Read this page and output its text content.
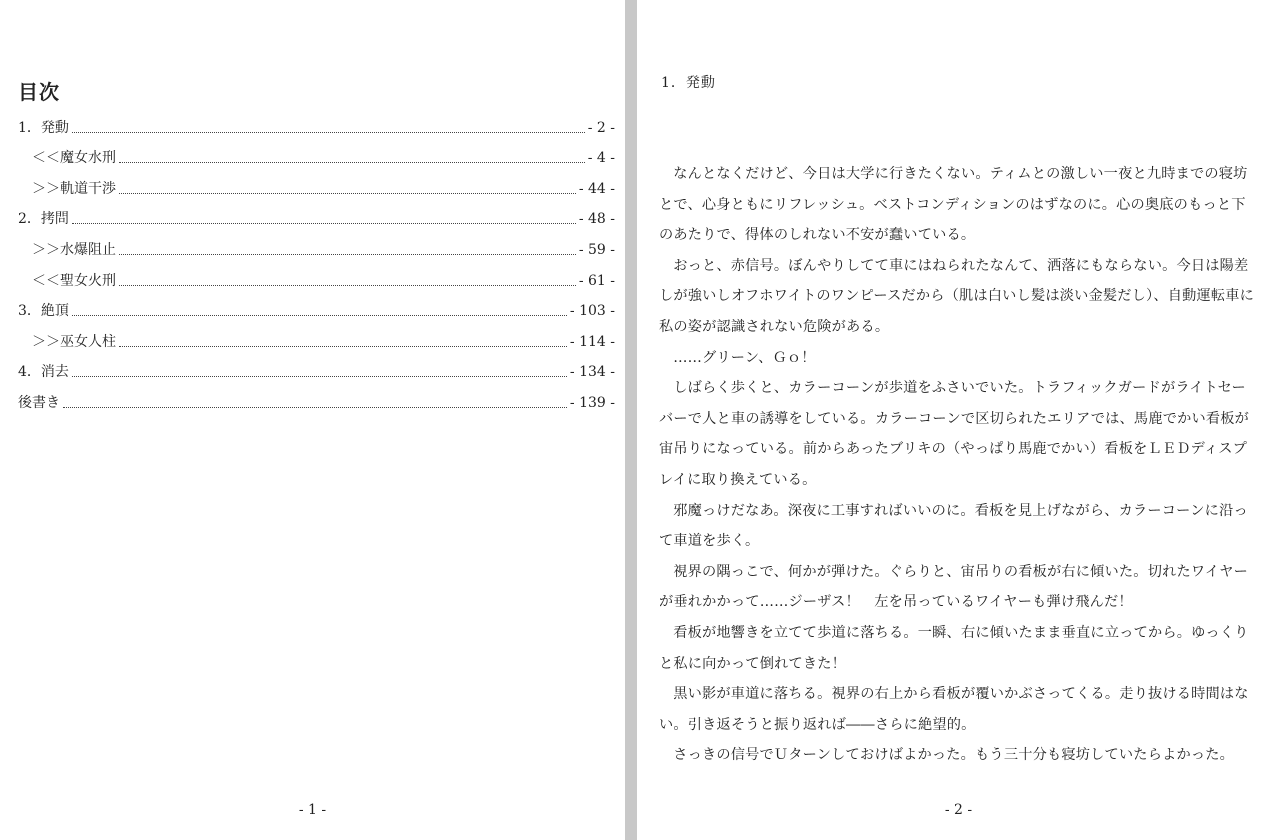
目次
1．発動	- 2 -
＜＜魔女水刑	- 4 -
＞＞軌道干渉	- 44 -
2．拷問	- 48 -
＞＞水爆阻止	- 59 -
＜＜聖女火刑	- 61 -
3．絶頂	- 103 -
＞＞巫女人柱	- 114 -
4．消去	- 134 -
後書き	- 139 -
- 1 -
1．発動

なんとなくだけど、今日は大学に行きたくない。ティムとの激しい一夜と九時までの寝坊とで、心身ともにリフレッシュ。ベストコンディションのはずなのに。心の奥底のもっと下のあたりで、得体のしれない不安が蠢いている。

おっと、赤信号。ぼんやりしてて車にはねられたなんて、洒落にもならない。今日は陽差しが強いしオフホワイトのワンピースだから（肌は白いし髪は淡い金髪だし）、自動運転車に私の姿が認識されない危険がある。

……グリーン、Ｇｏ！

しばらく歩くと、カラーコーンが歩道をふさいでいた。トラフィックガードがライトセーバーで人と車の誘導をしている。カラーコーンで区切られたエリアでは、馬鹿でかい看板が宙吊りになっている。前からあったブリキの（やっぱり馬鹿でかい）看板をＬＥＤディスプレイに取り換えている。

邪魔っけだなあ。深夜に工事すればいいのに。看板を見上げながら、カラーコーンに沿って車道を歩く。

視界の隅っこで、何かが弾けた。ぐらりと、宙吊りの看板が右に傾いた。切れたワイヤーが垂れかかって……ジーザス！　左を吊っているワイヤーも弾け飛んだ！

看板が地響きを立てて歩道に落ちる。一瞬、右に傾いたまま垂直に立ってから。ゆっくりと私に向かって倒れてきた！

黒い影が車道に落ちる。視界の右上から看板が覆いかぶさってくる。走り抜ける時間はない。引き返そうと振り返れば――さらに絶望的。

さっきの信号でＵターンしておけばよかった。もう三十分も寝坊していたらよかった。

- 2 -
